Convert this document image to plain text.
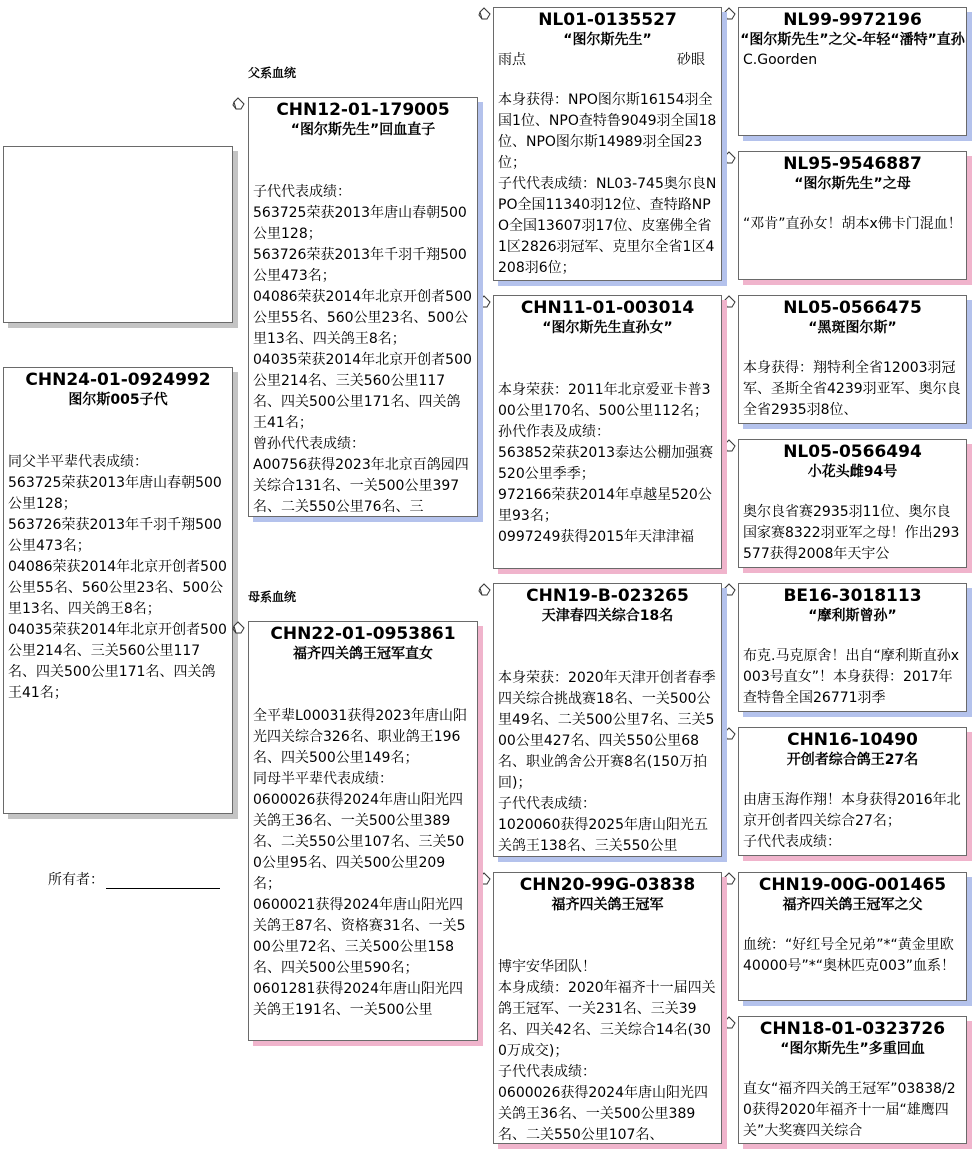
CHN24-01-0924992
图尔斯005子代
同父半平辈代表成绩：
563725荣获2013年唐山春朝500公里128；
563726荣获2013年千羽千翔500公里473名；
04086荣获2014年北京开创者500公里55名、560公里23名、500公里13名、四关鸽王8名；
04035荣获2014年北京开创者500公里214名、三关560公里117名、四关500公里171名、四关鸽王41名；
所有者：
父系血统
母系血统
CHN12-01-179005
“图尔斯先生”回血直子
子代代表成绩：
563725荣获2013年唐山春朝500公里128；
563726荣获2013年千羽千翔500公里473名；
04086荣获2014年北京开创者500公里55名、560公里23名、500公里13名、四关鸽王8名；
04035荣获2014年北京开创者500公里214名、三关560公里117名、四关500公里171名、四关鸽王41名；
曾孙代代表成绩：
A00756获得2023年北京百鸽园四关综合131名、一关500公里397名、二关550公里76名、三
CHN22-01-0953861
福齐四关鸽王冠军直女
全平辈L00031获得2023年唐山阳光四关综合326名、职业鸽王196名、四关500公里149名；
同母半平辈代表成绩：
0600026获得2024年唐山阳光四关鸽王36名、一关500公里389名、二关550公里107名、三关500公里95名、四关500公里209名；
0600021获得2024年唐山阳光四关鸽王87名、资格赛31名、一关500公里72名、三关500公里158名、四关500公里590名；
0601281获得2024年唐山阳光四关鸽王191名、一关500公里
NL01-0135527
“图尔斯先生”
雨点	砂眼
本身获得：NPO图尔斯16154羽全国1位、NPO查特鲁9049羽全国18位、NPO图尔斯14989羽全国23位；
子代代表成绩：NL03-745奥尔良NPO全国11340羽12位、查特路NPO全国13607羽17位、皮塞佛全省1区2826羽冠军、克里尔全省1区4208羽6位；
CHN11-01-003014
“图尔斯先生直孙女”
本身荣获：2011年北京爱亚卡普300公里170名、500公里112名；
孙代作表及成绩：
563852荣获2013泰达公棚加强赛520公里季季；
972166荣获2014年卓越星520公里93名；
0997249获得2015年天津津福
CHN19-B-023265
天津春四关综合18名
本身荣获：2020年天津开创者春季四关综合挑战赛18名、一关500公里49名、二关500公里7名、三关500公里427名、四关550公里68名、职业鸽舍公开赛8名(150万拍回)；
子代代表成绩：
1020060获得2025年唐山阳光五关鸽王138名、三关550公里
CHN20-99G-03838
福齐四关鸽王冠军
博宇安华团队！
本身成绩：2020年福齐十一届四关鸽王冠军、一关231名、三关39名、四关42名、三关综合14名(300万成交)；
子代代表成绩：
0600026获得2024年唐山阳光四关鸽王36名、一关500公里389名、二关550公里107名、
NL99-9972196
“图尔斯先生”之父-年轻“潘特”直孙
C.Goorden
NL95-9546887
“图尔斯先生”之母
“邓肯”直孙女！胡本x佛卡门混血！
NL05-0566475
“黑斑图尔斯”
本身获得：翔特利全省12003羽冠军、圣斯全省4239羽亚军、奥尔良全省2935羽8位、
NL05-0566494
小花头雌94号
奥尔良省赛2935羽11位、奥尔良国家赛8322羽亚军之母！作出293577获得2008年天宇公
BE16-3018113
“摩利斯曾孙”
布克.马克原舍！出自“摩利斯直孙x003号直女”！本身获得：2017年查特鲁全国26771羽季
CHN16-10490
开创者综合鸽王27名
由唐玉海作翔！本身获得2016年北京开创者四关综合27名；
子代代表成绩：
CHN19-00G-001465
福齐四关鸽王冠军之父
血统：“好红号全兄弟”*“黄金里欧40000号”*“奥林匹克003”血系！
CHN18-01-0323726
“图尔斯先生”多重回血
直女“福齐四关鸽王冠军”03838/20获得2020年福齐十一届“雄鹰四关”大奖赛四关综合
